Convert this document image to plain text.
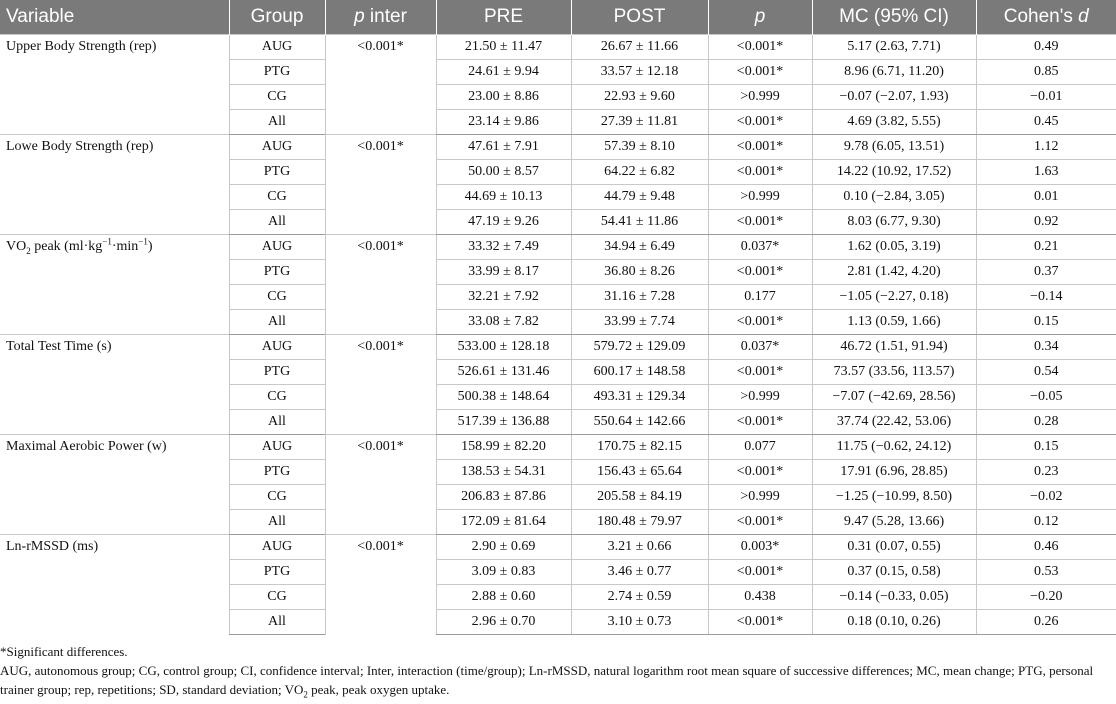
Variable	Group	p inter	PRE	POST	p	MC (95% CI)	Cohen's d
Upper Body Strength (rep)	AUG	<0.001*	21.50 ± 11.47	26.67 ± 11.66	<0.001*	5.17 (2.63, 7.71)	0.49
	PTG		24.61 ± 9.94	33.57 ± 12.18	<0.001*	8.96 (6.71, 11.20)	0.85
	CG		23.00 ± 8.86	22.93 ± 9.60	>0.999	−0.07 (−2.07, 1.93)	−0.01
	All		23.14 ± 9.86	27.39 ± 11.81	<0.001*	4.69 (3.82, 5.55)	0.45
Lowe Body Strength (rep)	AUG	<0.001*	47.61 ± 7.91	57.39 ± 8.10	<0.001*	9.78 (6.05, 13.51)	1.12
	PTG		50.00 ± 8.57	64.22 ± 6.82	<0.001*	14.22 (10.92, 17.52)	1.63
	CG		44.69 ± 10.13	44.79 ± 9.48	>0.999	0.10 (−2.84, 3.05)	0.01
	All		47.19 ± 9.26	54.41 ± 11.86	<0.001*	8.03 (6.77, 9.30)	0.92
$VO_2$ peak $(ml\cdot kg^{-1}\cdot\min^{-1})$	AUG	<0.001*	33.32 ± 7.49	34.94 ± 6.49	0.037*	1.62 (0.05, 3.19)	0.21
	PTG		33.99 ± 8.17	36.80 ± 8.26	<0.001*	2.81 (1.42, 4.20)	0.37
	CG		32.21 ± 7.92	31.16 ± 7.28	0.177	−1.05 (−2.27, 0.18)	−0.14
	All		33.08 ± 7.82	33.99 ± 7.74	<0.001*	1.13 (0.59, 1.66)	0.15
Total Test Time (s)	AUG	<0.001*	533.00 ± 128.18	579.72 ± 129.09	0.037*	46.72 (1.51, 91.94)	0.34
	PTG		526.61 ± 131.46	600.17 ± 148.58	<0.001*	73.57 (33.56, 113.57)	0.54
	CG		500.38 ± 148.64	493.31 ± 129.34	>0.999	−7.07 (−42.69, 28.56)	−0.05
	All		517.39 ± 136.88	550.64 ± 142.66	<0.001*	37.74 (22.42, 53.06)	0.28
Maximal Aerobic Power (w)	AUG	<0.001*	158.99 ± 82.20	170.75 ± 82.15	0.077	11.75 (−0.62, 24.12)	0.15
	PTG		138.53 ± 54.31	156.43 ± 65.64	<0.001*	17.91 (6.96, 28.85)	0.23
	CG		206.83 ± 87.86	205.58 ± 84.19	>0.999	−1.25 (−10.99, 8.50)	−0.02
	All		172.09 ± 81.64	180.48 ± 79.97	<0.001*	9.47 (5.28, 13.66)	0.12
Ln-rMSSD (ms)	AUG	<0.001*	2.90 ± 0.69	3.21 ± 0.66	0.003*	0.31 (0.07, 0.55)	0.46
	PTG		3.09 ± 0.83	3.46 ± 0.77	<0.001*	0.37 (0.15, 0.58)	0.53
	CG		2.88 ± 0.60	2.74 ± 0.59	0.438	−0.14 (−0.33, 0.05)	−0.20
	All		2.96 ± 0.70	3.10 ± 0.73	<0.001*	0.18 (0.10, 0.26)	0.26

*Significant differences.

AUG, autonomous group; CG, control group; CI, confidence interval; Inter, interaction (time/group); Ln-rMSSD, natural logarithm root mean square of successive differences; MC, mean change; PTG, personal trainer group; rep, repetitions; SD, standard deviation; $VO_2$ peak, peak oxygen uptake.
